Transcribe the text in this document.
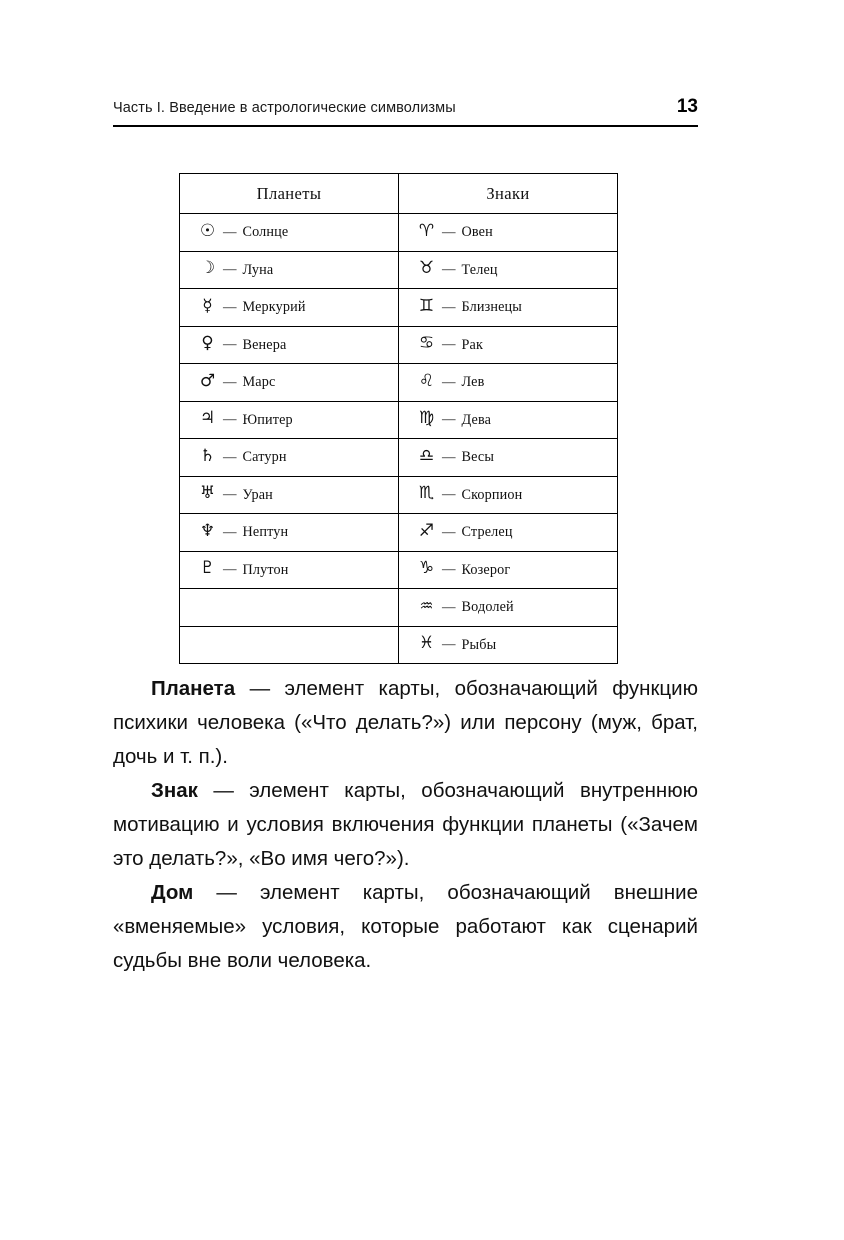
Часть I. Введение в астрологические символизмы	13
Планеты	Знаки

☉ — Солнце	♈ — Овен

☽ — Луна	♉ — Телец

☿ — Меркурий	♊ — Близнецы

♀ — Венера	♋ — Рак

♂ — Марс	♌ — Лев

♃ — Юпитер	♍ — Дева

♄ — Сатурн	♎ — Весы

♅ — Уран	♏ — Скорпион

♆ — Нептун	♐ — Стрелец

♇ — Плутон	♑ — Козерог

	♒ — Водолей

	♓ — Рыбы

Планета — элемент карты, обозначающий функцию психики человека («Что делать?») или персону (муж, брат, дочь и т. п.).

Знак — элемент карты, обозначающий внутреннюю мотивацию и условия включения функции планеты («Зачем это делать?», «Во имя чего?»).

Дом — элемент карты, обозначающий внешние «вменяемые» условия, которые работают как сценарий судьбы вне воли человека.
